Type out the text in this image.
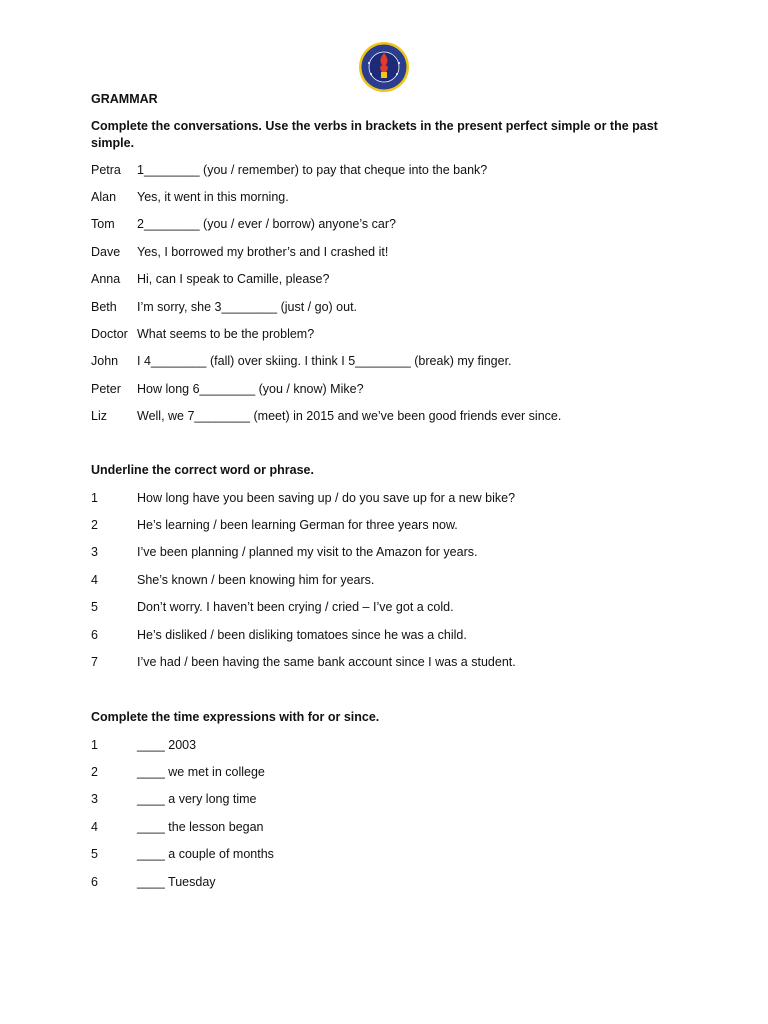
GRAMMAR
Complete the conversations. Use the verbs in brackets in the present perfect simple or the past simple.
Petra 1________ (you / remember) to pay that cheque into the bank?
Alan Yes, it went in this morning.
Tom 2________ (you / ever / borrow) anyone’s car?
Dave Yes, I borrowed my brother’s and I crashed it!
Anna Hi, can I speak to Camille, please?
Beth I’m sorry, she 3________ (just / go) out.
Doctor What seems to be the problem?
John I 4________ (fall) over skiing. I think I 5________ (break) my finger.
Peter How long 6________ (you / know) Mike?
Liz Well, we 7________ (meet) in 2015 and we’ve been good friends ever since.
Underline the correct word or phrase.
1	How long have you been saving up / do you save up for a new bike?
2	He’s learning / been learning German for three years now.
3	I’ve been planning / planned my visit to the Amazon for years.
4	She’s known / been knowing him for years.
5	Don’t worry. I haven’t been crying / cried – I’ve got a cold.
6	He’s disliked / been disliking tomatoes since he was a child.
7	I’ve had / been having the same bank account since I was a student.
Complete the time expressions with for or since.
1	____ 2003
2	____ we met in college
3	____ a very long time
4	____ the lesson began
5	____ a couple of months
6	____ Tuesday
